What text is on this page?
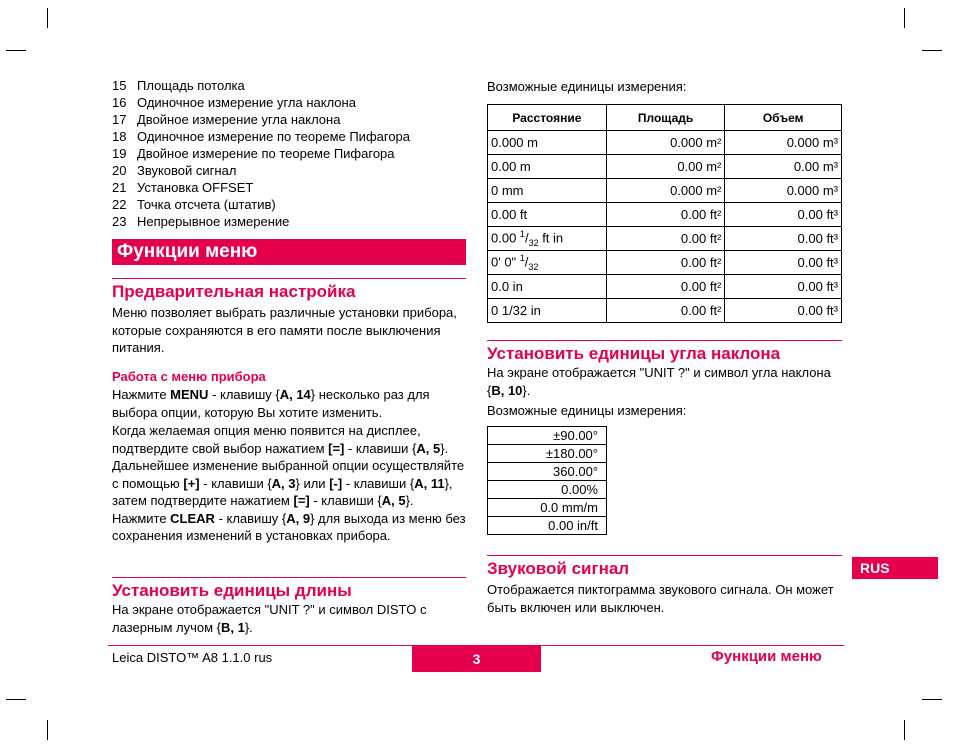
15 Площадь потолка
16 Одиночное измерение угла наклона
17 Двойное измерение угла наклона
18 Одиночное измерение по теореме Пифагора
19 Двойное измерение по теореме Пифагора
20 Звуковой сигнал
21 Установка OFFSET
22 Точка отсчета (штатив)
23 Непрерывное измерение
Функции меню
Предварительная настройка
Меню позволяет выбрать различные установки прибора, которые сохраняются в его памяти после выключения питания.
Работа с меню прибора
Нажмите MENU - клавишу {A, 14} несколько раз для выбора опции, которую Вы хотите изменить.
Когда желаемая опция меню появится на дисплее, подтвердите свой выбор нажатием [=] - клавиши {A, 5}. Дальнейшее изменение выбранной опции осуществляйте с помощью [+] - клавиши {A, 3} или [-] - клавиши {A, 11}, затем подтвердите нажатием [=] - клавиши {A, 5}. Нажмите CLEAR - клавишу {A, 9} для выхода из меню без сохранения изменений в установках прибора.
Установить единицы длины
На экране отображается "UNIT ?" и символ DISTO с лазерным лучом {B, 1}.
Возможные единицы измерения:
Расстояние	Площадь	Объем
0.000 m	0.000 m²	0.000 m³
0.00 m	0.00 m²	0.00 m³
0 mm	0.000 m²	0.000 m³
0.00 ft	0.00 ft²	0.00 ft³
0.00 $^1/_{32}$ ft in	0.00 ft²	0.00 ft³
0' 0" $^1/_{32}$	0.00 ft²	0.00 ft³
0.0 in	0.00 ft²	0.00 ft³
0 1/32 in	0.00 ft²	0.00 ft³
Установить единицы угла наклона
На экране отображается "UNIT ?" и символ угла наклона {B, 10}.
Возможные единицы измерения:
±90.00°
±180.00°
360.00°
0.00%
0.0 mm/m
0.00 in/ft
Звуковой сигнал
Отображается пиктограмма звукового сигнала. Он может быть включен или выключен.
RUS
Leica DISTO™ A8 1.1.0 rus	3	Функции меню
